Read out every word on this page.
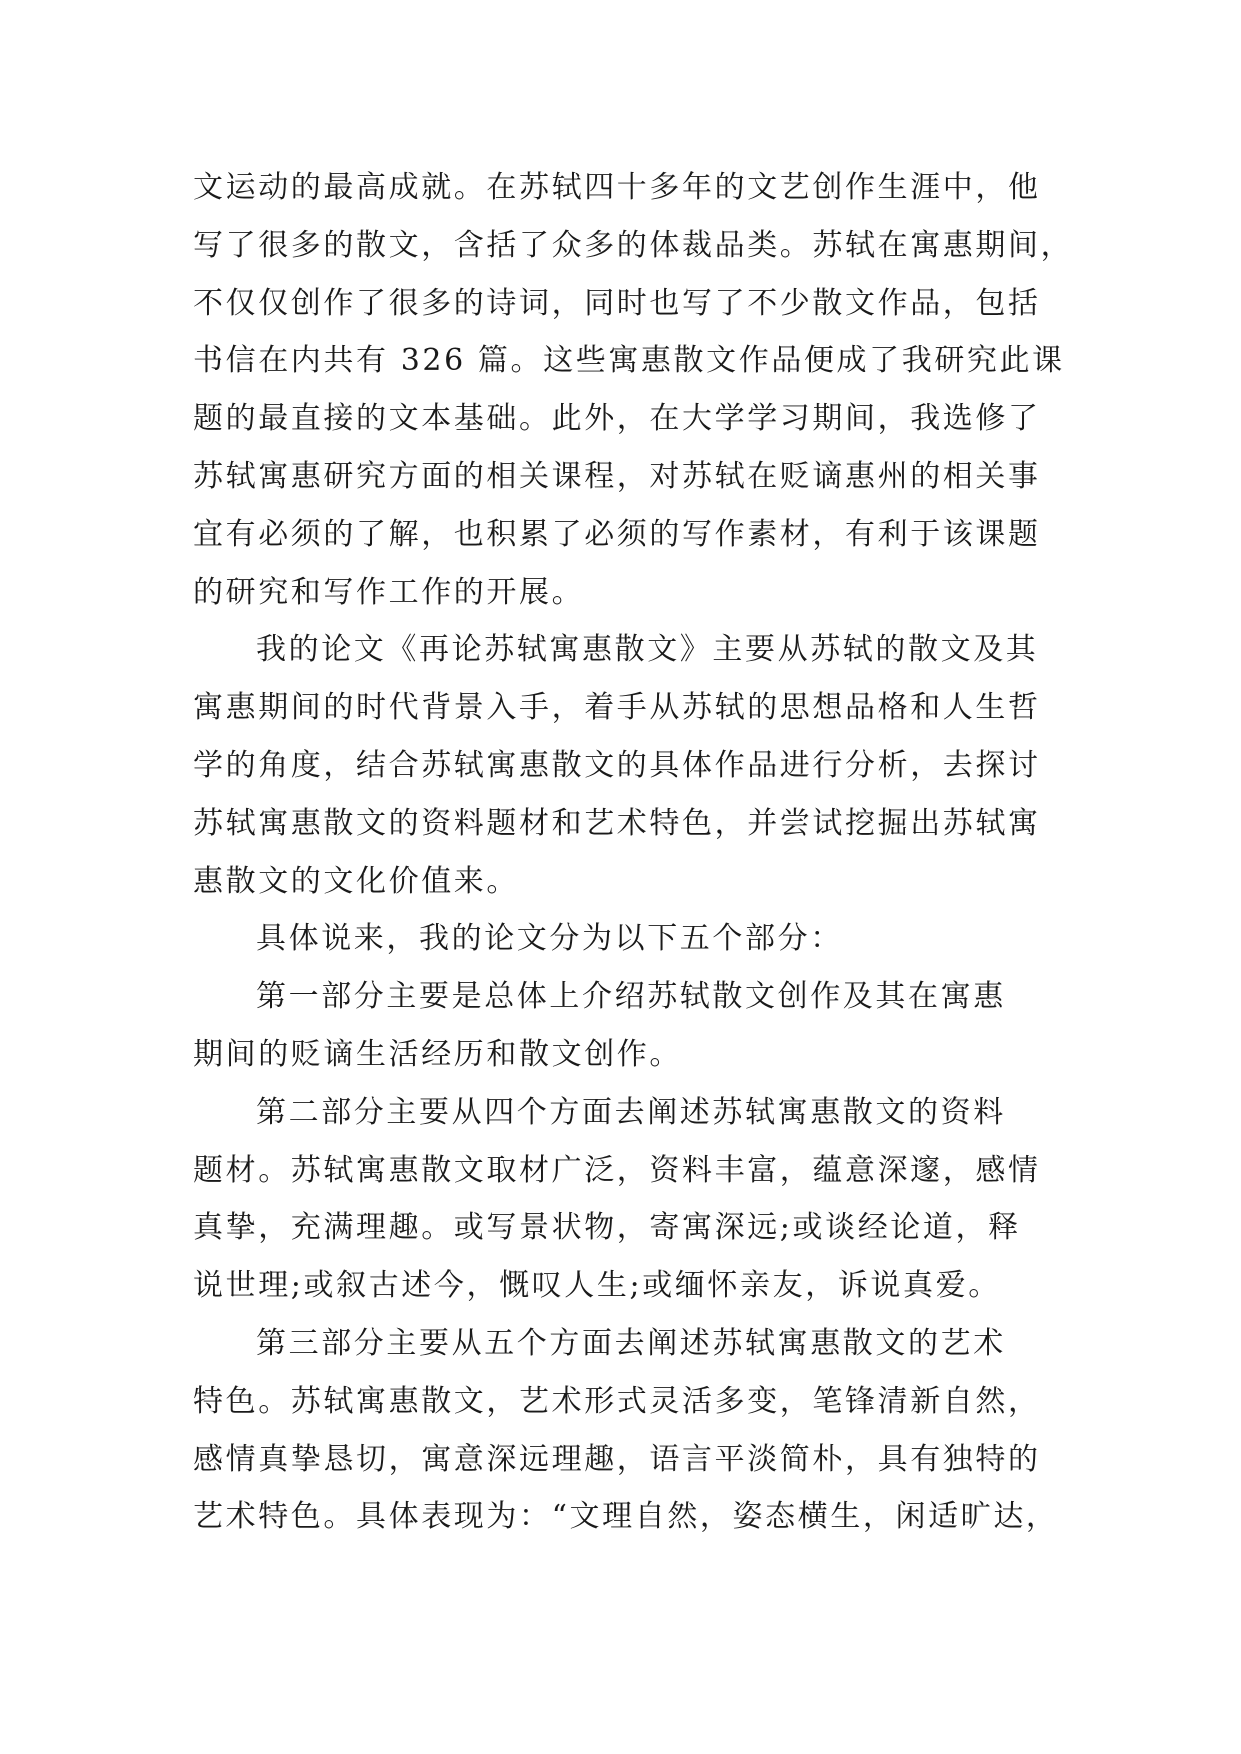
文运动的最高成就。在苏轼四十多年的文艺创作生涯中，他
写了很多的散文，含括了众多的体裁品类。苏轼在寓惠期间，
不仅仅创作了很多的诗词，同时也写了不少散文作品，包括
书信在内共有 326 篇。这些寓惠散文作品便成了我研究此课
题的最直接的文本基础。此外，在大学学习期间，我选修了
苏轼寓惠研究方面的相关课程，对苏轼在贬谪惠州的相关事
宜有必须的了解，也积累了必须的写作素材，有利于该课题
的研究和写作工作的开展。
我的论文《再论苏轼寓惠散文》主要从苏轼的散文及其
寓惠期间的时代背景入手，着手从苏轼的思想品格和人生哲
学的角度，结合苏轼寓惠散文的具体作品进行分析，去探讨
苏轼寓惠散文的资料题材和艺术特色，并尝试挖掘出苏轼寓
惠散文的文化价值来。
具体说来，我的论文分为以下五个部分：
第一部分主要是总体上介绍苏轼散文创作及其在寓惠
期间的贬谪生活经历和散文创作。
第二部分主要从四个方面去阐述苏轼寓惠散文的资料
题材。苏轼寓惠散文取材广泛，资料丰富，蕴意深邃，感情
真挚，充满理趣。或写景状物，寄寓深远;或谈经论道，释
说世理;或叙古述今，慨叹人生;或缅怀亲友，诉说真爱。
第三部分主要从五个方面去阐述苏轼寓惠散文的艺术
特色。苏轼寓惠散文，艺术形式灵活多变，笔锋清新自然，
感情真挚恳切，寓意深远理趣，语言平淡简朴，具有独特的
艺术特色。具体表现为：“文理自然，姿态横生，闲适旷达，
